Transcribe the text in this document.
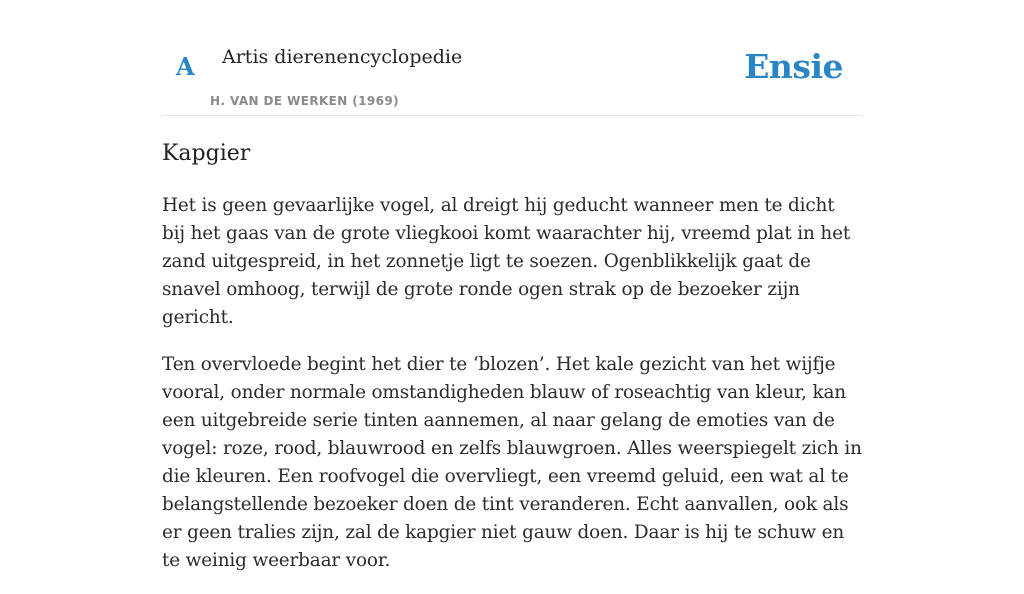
A Artis dierenencyclopedie
H. VAN DE WERKEN (1969)
Ensie
Kapgier

Het is geen gevaarlijke vogel, al dreigt hij geducht wanneer men te dicht bij het gaas van de grote vliegkooi komt waarachter hij, vreemd plat in het zand uitgespreid, in het zonnetje ligt te soezen. Ogenblikkelijk gaat de snavel omhoog, terwijl de grote ronde ogen strak op de bezoeker zijn gericht.

Ten overvloede begint het dier te ‘blozen’. Het kale gezicht van het wijfje vooral, onder normale omstandigheden blauw of roseachtig van kleur, kan een uitgebreide serie tinten aannemen, al naar gelang de emoties van de vogel: roze, rood, blauwrood en zelfs blauwgroen. Alles weerspiegelt zich in die kleuren. Een roofvogel die overvliegt, een vreemd geluid, een wat al te belangstellende bezoeker doen de tint veranderen. Echt aanvallen, ook als er geen tralies zijn, zal de kapgier niet gauw doen. Daar is hij te schuw en te weinig weerbaar voor.
